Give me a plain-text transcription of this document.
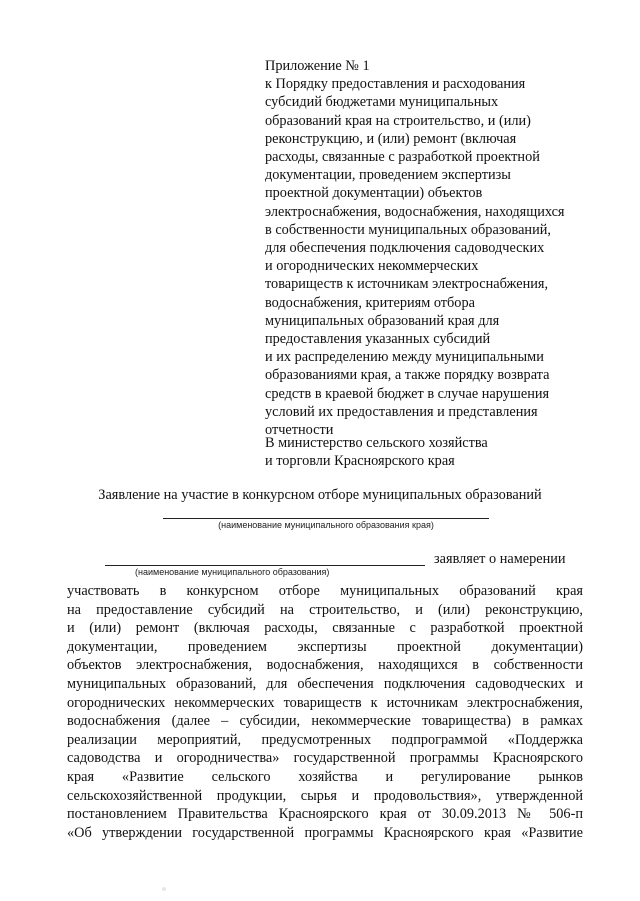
Приложение № 1
к Порядку предоставления и расходования
субсидий бюджетами муниципальных
образований края на строительство, и (или)
реконструкцию, и (или) ремонт (включая
расходы, связанные с разработкой проектной
документации, проведением экспертизы
проектной документации) объектов
электроснабжения, водоснабжения, находящихся
в собственности муниципальных образований,
для обеспечения подключения садоводческих
и огороднических некоммерческих
товариществ к источникам электроснабжения,
водоснабжения, критериям отбора
муниципальных образований края для
предоставления указанных субсидий
и их распределению между муниципальными
образованиями края, а также порядку возврата
средств в краевой бюджет в случае нарушения
условий их предоставления и представления
отчетности
В министерство сельского хозяйства
и торговли Красноярского края
Заявление на участие в конкурсном отборе муниципальных образований
(наименование муниципального образования края)
заявляет о намерении
(наименование муниципального образования)
участвовать в конкурсном отборе муниципальных образований края
на предоставление субсидий на строительство, и (или) реконструкцию,
и (или) ремонт (включая расходы, связанные с разработкой проектной
документации, проведением экспертизы проектной документации)
объектов электроснабжения, водоснабжения, находящихся в собственности
муниципальных образований, для обеспечения подключения садоводческих и
огороднических некоммерческих товариществ к источникам электроснабжения,
водоснабжения (далее – субсидии, некоммерческие товарищества) в рамках
реализации мероприятий, предусмотренных подпрограммой «Поддержка
садоводства и огородничества» государственной программы Красноярского
края «Развитие сельского хозяйства и регулирование рынков
сельскохозяйственной продукции, сырья и продовольствия», утвержденной
постановлением Правительства Красноярского края от 30.09.2013 № 506-п
«Об утверждении государственной программы Красноярского края «Развитие
